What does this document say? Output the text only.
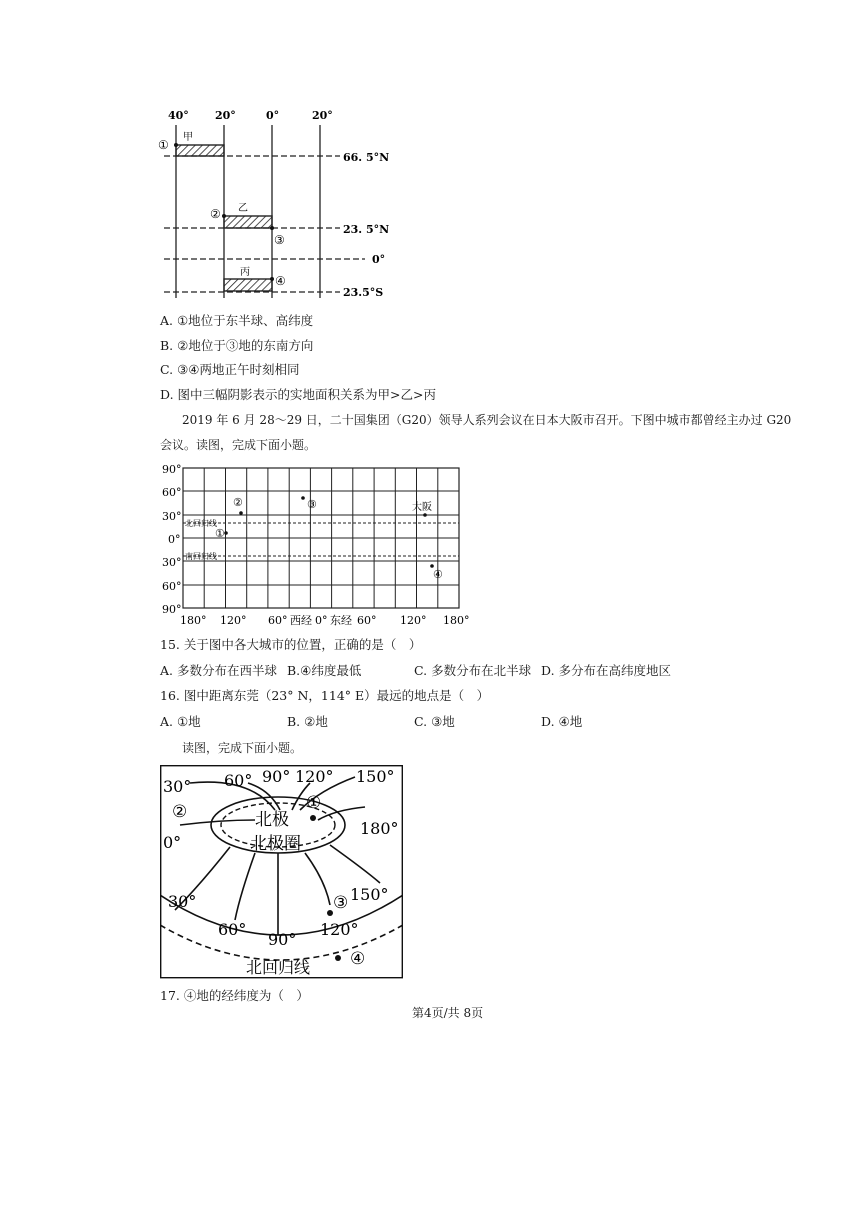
40° 20°	0°	20°
66. 5°N
23. 5°N
0°
23.5°S
甲
乙
丙
①
②
③
④
A. ①地位于东半球、高纬度
B. ②地位于③地的东南方向
C. ③④两地正午时刻相同
D. 图中三幅阴影表示的实地面积关系为甲>乙>丙
2019 年 6 月 28～29 日，二十国集团（G20）领导人系列会议在日本大阪市召开。下图中城市都曾经主办过 G20
会议。读图，完成下面小题。
90°
60°
30°
0°
30°
60°
90°
北回归线
南回归线
180° 120° 60° 西经 0° 东经 60° 120° 180°
①
②	③	大阪
④
15. 关于图中各大城市的位置，正确的是（　）
A. 多数分布在西半球 B.④纬度最低	C. 多数分布在北半球 D. 多分布在高纬度地区
16. 图中距离东莞（23° N，114° E）最远的地点是（　）
A. ①地	B. ②地	C. ③地	D. ④地
读图，完成下面小题。
30° 60° 90° 120° 150°
0°
180°
30°
60°
90°
120°
150°
北极
北极圈
北回归线
①
②
③
④
17. ④地的经纬度为（　）
第4页/共 8页
